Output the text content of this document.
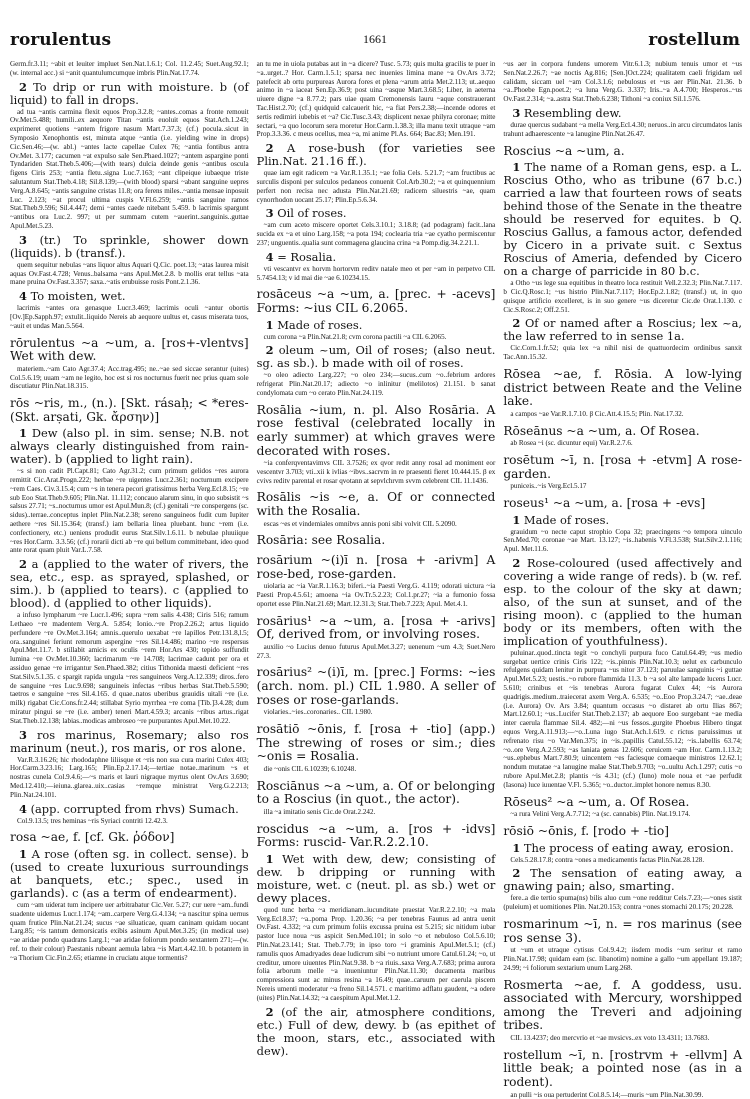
rorulentus	1661	rostellum

Germ.fr.3.11; ~abit et leuiter impluet Sen.Nat.1.6.1; Col. 11.2.45; Suet.Aug.92.1; (w. internal acc.) si ~anit quantulumcumque imbris Plin.Nat.17.74.

2 To drip or run with moisture. b (of liquid) to fall in drops.
ad tua ~antis carmina flexit equos Prop.3.2.8; ~antes..comas a fronte remouit Ov.Met.5.488; humili..ex aequore Titan ~antis euoluit equos Stat.Ach.1.243; exprimeret quotiens ~antem frigore nasum Mart.7.37.3; (cf.) pocula..sicut in Symposio Xenophontis est, minuta atque ~antia (i.e. yielding wine in drops) Cic.Sen.46;—(w. abl.) ~antes lacte capellae Culex 76; ~antia fontibus antra Ov.Met. 3.177; cacumen ~at expulso sale Sen.Phaed.1027; ~antem aspargine ponti Tyndariden Stat.Theb.5.406;—(with tears) dulcia deinde genis ~antibus oscula figens Ciris 253; ~antia fletu..signa Luc.7.163; ~ant clipeique iubaeque triste salutantum Stat.Theb.4.18; Sil.8.139;—(with blood) sparsi ~abant sanguine uepres Verg.A.8.645; ~antis sanguine cristas 11.8; ora ferens miles..~antia mensae inposuit Luc. 2.123; ~at procul ultima cuspis V.Fl.6.259; ~antis sanguine ramos Stat.Theb.9.596; Sil.4.447; demi ~antes caede nitebant 5.459. b lacrimis spargunt ~antibus ora Luc.2. 997; ut per summam cutem ~auerint..sanguinis..guttae Apul.Met.5.23.
3 (tr.) To sprinkle, shower down (liquids). b (transf.).
quem sequitur nebulas ~ans liquor altus Aquari Q.Cic. poet.13; ~atas laurea misit aquas Ov.Fast.4.728; Venus..balsama ~ans Apul.Met.2.8. b mollis erat tellus ~ata mane pruina Ov.Fast.3.357; saxa..~atis erubuisse rosis Pont.2.1.36.
4 To moisten, wet.
lacrimis ~antes ora genasque Lucr.3.469; lacrimis oculi ~antur obortis [Ov.]Ep.Sapph.97; extulit..liquido Nereis ab aequore uultus et, casus miserata tuos, ~auit et undas Man.5.564.
rōrulentus ~a ~um, a. [ros+-vlentvs] Wet with dew.
materiem..~am Cato Agr.37.4; Acc.trag.495; ne..~ae sed siccae serantur (uites) Col.5.6.19; uuam ~am ne legito, hoc est si ros nocturnus fuerit nec prius quam sole discutiatur Plin.Nat.18.315.
rōs ~ris, m., (n.). [Skt. rásaḥ; < *eres- (Skt. arṣati, Gk. ἄρσην)]
1 Dew (also pl. in sim. sense; N.B. not always clearly distinguished from rain-water). b (applied to light rain).
~s si non cadit Pl.Capt.81; Cato Agr.31.2; cum primum gelidos ~res aurora remittit Cic.Arat.Progn.222; herbae ~re uigentes Lucr.2.361; nocturnum excipere ~rem Caes. Civ.3.15.4; cum ~s in tenera pecori gratissimus herba Verg.Ecl.8.15; ~re sub Eoo Stat.Theb.9.605; Plin.Nat. 11.112; concauo alarum sinu, in quo subsistit ~s salsus 27.71; ~s..nocturnus umor est Apul.Mun.8; (cf.) genitali ~re conspergens (sc. sidus)..terrae..conceptus inplet Plin.Nat.2.38; sereno sanguineos fudit cum Iupiter aethere ~res Sil.15.364; (transf.) iam bellaria linea pluebant. hunc ~rem (i.e. confectionery, etc.) ueniens produdit eurus Stat.Silv.1.6.11. b nebulae pluuiique ~res Hor.Carm. 3.3.56; (cf.) rorarii dicti ab ~re qui bellum committebant, ideo quod ante rorat quam pluit Var.L.7.58.
2 a (applied to the water of rivers, the sea, etc., esp. as sprayed, splashed, or sim.). b (applied to tears). c (applied to blood). d (applied to other liquids).
a infuso lympharum ~re Lucr.1.496; supra ~rem salis 4.438; Ciris 516; ramum Lethaeo ~re madentem Verg.A. 5.854; Ionio..~re Prop.2.26.2; artus liquido perfundere ~re Ov.Met.3.164; amnis..querulo uexabat ~re lapillos Petr.131.8,l.5; ora..sanguinei feriunt remorum aspergine ~res Sil.14.486; marino ~re respersus Apul.Met.11.7. b stillabit amicis ex oculis ~rem Hor.Ars 430; tepido suffundit lumina ~re Ov.Met.10.360; lacrimarum ~re 14.708; lacrimae cadunt per ora et assiduo genae ~re irrigantur Sen.Phaed.382; citius Tithonida maesti deficient ~res Stat.Silv.5.1.35. c spargit rapida ungula ~res sanguineos Verg.A.12.339; diros..fero de sanguine ~res Luc.9.698; sanguineis infectas ~ribus herbas Stat.Theb.5.590; taetros e sanguine ~res Sil.4.165. d quae..natos uberibus grauidis uitali ~re (i.e. milk) rigabat Cic.Cons.fr.2.44; stillabat Syrio myrrhea ~re coma [Tib.]3.4.28; dum miratur pingui se ~re (i.e. amber) teneri Mart.4.59.3; arcanis ~ribus artus..rigat Stat.Theb.12.138; labias..modicas ambroseo ~re purpurantes Apul.Met.10.22.
3 ros marinus, Rosemary; also ros marinum (neut.), ros maris, or ros alone.
Var.R.3.16.26; hic rhododaphne liliisque et ~ris non sua cura marini Culex 403; Hor.Carm.3.23.16; Larg.165; Plin.Ep.2.17.14;—tertiae notae..marinum ~s et nostras cunela Col.9.4.6;—~s maris et lauri nigraque myrtus olent Ov.Ars 3.690; Med.12.410;—ieiuna..glarea..uix..casias ~remque ministrat Verg.G.2.213; Plin.Nat.24.101.
4 (app. corrupted from rhvs) Sumach.
Col.9.13.5; tres heminas ~ris Syriaci contriti 12.42.3.
rosa ~ae, f. [cf. Gk. ῥόδον]
1 A rose (often sg. in collect. sense). b (used to create luxurious surroundings at banquets, etc.; spec., used in garlands). c (as a term of endearment).
cum ~am uiderat tum incipere uer arbitrabatur Cic.Ver. 5.27; cur uere ~am..fundi suadente uidemus Lucr.1.174; ~am..carpere Verg.G.4.134; ~a nascitur spina uernus quam frutice Plin.Nat.21.24; sucus ~ae siluaticae, quam caninam quidam uocant Larg.85; ~is tantum demorsicatis exibis asinum Apul.Met.3.25; (in medical use) ~ae aridae pondo quadrans Larg.1; ~ae aridae foliorum pondo sextantem 271;—(w. ref. to their colour) Paestanis rubeant aemula labra ~is Mart.4.42.10. b potantem in ~a Thorium Cic.Fin.2.65; etiamne in cruciatu atque tormentis?

an tu me in uiola putabas aut in ~a dicere? Tusc. 5.73; quis multa gracilis te puer in ~a..urget..? Hor. Carm.1.5.1; sparsa nec inuenies limina mane ~a Ov.Ars 3.72; patefecit ab ortu purpureas Aurora fores et plena ~arum atria Met.2.113; ut..aequo animo in ~a iaceat Sen.Ep.36.9; post uina ~asque Mart.3.68.5; Liber, in aeterna uiuere digne ~a 8.77.2; pars uiae quam Cremonensis lauru ~aque constrauerant Tac.Hist.2.70; (cf.) quidquid calcauerit hic, ~a fiat Pers.2.38;—incende odores et sertis redimiri iubebis et ~a? Cic.Tusc.3.43; displicent nexae philyra coronae; mitte sectari, ~a quo locorum sera moretur Hor.Carm.1.38.3; illa manu texit utraque ~am Prop.3.3.36. c meus ocellus, mea ~a, mi anime Pl.As. 664; Bac.83; Men.191.

2 A rose-bush (for varieties see Plin.Nat. 21.16 ff.).
quae iam egit radicem ~a Var.R.1.35.1; ~ae folia Cels. 5.21.7; ~am fructibus ac surculis disponi per sulculos pedaneos conuenit Col.Arb.30.2; ~a et quinquennium perfert non recisa nec adusta Plin.Nat.21.69; radicem siluestris ~ae, quam cynorrhodon uocant 25.17; Plin.Ep.5.6.34.
3 Oil of roses.
~am cum aceto miscere oportet Cels.3.10.1; 3.18.8; (ad podagram) facit..lana sucida ex ~a et uino Larg.158; ~a pota 194; coclearia tria ~ae cyatho permiscentur 237; unguentis..qualia sunt commagena glaucina crina ~a Pomp.dig.34.2.21.1.
4 = Rosalia.
vti vescantvr ex horvm hortorvm reditv natale meo et per ~am in perpetvo CIL 5.7454.13; v id mai die ~ae 6.10234.15.
rosāceus ~a ~um, a. [prec. + -acevs] Forms: ~ius CIL 6.2065.
1 Made of roses.
cum corona ~a Plin.Nat.21.8; cvm corona pactili ~a CIL 6.2065.
2 oleum ~um, Oil of roses; (also neut. sg. as sb.). b made with oil of roses.
~o oleo adiecto Larg.227; ~o oleo 234;—sucus..cum ~o..febrium ardores refrigerat Plin.Nat.20.17; adiecto ~o inlinitur (melilotos) 21.151. b sanat condylomata cum ~o cerato Plin.Nat.24.119.
Rosālia ~ium, n. pl. Also Rosāria. A rose festival (celebrated locally in early summer) at which graves were decorated with roses.
~ia conferqventavimvs CIL 3.7526; ex qvor redit anny rosal ad moniment eor vescentvr 3.703; vti..xii k ivlias ~ibvs..sacrvm in re praesenti fieret 10.444.15. β ex cvivs reditv parental et rosar qvotann at sepvlchrvm svvm celebrent CIL 11.1436.
Rosālis ~is ~e, a. Of or connected with the Rosalia.
escas ~es et vindemiales omnibvs annis poni sibi volvit CIL 5.2090.
Rosāria: see Rosalia.
rosārium ~(i)ī n. [rosa + -arivm] A rose-bed, rose-garden.
uiolaria ac ~ia Var.R.1.16.3; biferi..~ia Paesti Verg.G. 4.119; odorati uictura ~ia Paesti Prop.4.5.61; amoena ~ia Ov.Tr.5.2.23; Col.1.pr.27; ~ia a fumonio fossa oportet esse Plin.Nat.21.69; Mart.12.31.3; Stat.Theb.7.223; Apul. Met.4.1.
rosārius¹ ~a ~um, a. [rosa + -arivs] Of, derived from, or involving roses.
auxilio ~o Lucius denuo futurus Apul.Met.3.27; uenenum ~um 4.3; Suet.Nero 27.3.
rosārius² ~(i)ī, m. [prec.] Forms: ~ies (arch. nom. pl.) CIL 1.980. A seller of roses or rose-garlands.
violaries..~ies..coronaries.. CIL 1.980.
rosātiō ~ōnis, f. [rosa + -tio] (app.) The strewing of roses or sim.; dies ~onis = Rosalia.
die ~onis CIL 6.10239; 6.10248.
Rosciānus ~a ~um, a. Of or belonging to a Roscius (in quot., the actor).
illa ~a imitatio senis Cic.de Orat.2.242.
roscidus ~a ~um, a. [ros + -idvs] Forms: ruscid- Var.R.2.2.10.
1 Wet with dew, dew; consisting of dew. b dripping or running with moisture, wet. c (neut. pl. as sb.) wet or dewy places.
quod tunc herba ~a meridianam..iucunditate praestat Var.R.2.2.10; ~a mala Verg.Ecl.8.37; ~a..poma Prop. 1.20.36; ~a per tenebras Faunus ad antra uenit Ov.Fast. 4.332; ~a cum primum foliis excussa pruina est 5.215; sic nitidum iubar pastor luce noua ~us aspicit Sen.Med.101; in solo ~o et nebuloso Col.5.6.10; Plin.Nat.23.141; Stat. Theb.7.79; in ipso toro ~i graminis Apul.Met.5.1; (cf.) ramulis quos Amadryades deae ludicrum sibi ~o nutriunt umore Catul.61.24; ~o, ut creditur, umore uiuentes Plin.Nat.9.38. b ~a riuis..saxa Verg.A.7.683; prima aurora folia arborum melle ~a inueniuntur Plin.Nat.11.30; ducamenta maribus compressiora sunt ac minus resina ~a 16.49; quae..caruum per caerula piscem Nereis umenti moderatur ~a freno Sil.14.571. c maritimo adflatu gaudent, ~a odere (uites) Plin.Nat.14.32; ~a caespitum Apul.Met.1.2.
2 (of the air, atmosphere conditions, etc.) Full of dew, dewy. b (as epithet of the moon, stars, etc., associated with dew).

~us aer in corpora fundens umorem Vitr.6.1.3; nubium tenuis umor et ~us Sen.Nat.2.26.7; ~ae noctis Ag.816; [Sen.]Oct.224; qualitatem caeli frigidam uel calidam, siccam uel ~am Col.3.1.6; nebulosus et ~us aer Plin.Nat. 21.36. b ~a..Phoebe Egn.poet.2; ~a luna Verg.G. 3.337; Iris..~a A.4.700; Hesperos..~us Ov.Fast.2.314; ~a..astra Stat.Theb.6.238; Tithoni ~a coniux Sil.1.576.

3 Resembling dew.
durae quercus sudabant ~a mella Verg.Ecl.4.30; neruos..in arcu circumdatos lanis trahunt adhaerescente ~a lanugine Plin.Nat.26.47.
Roscius ~a ~um, a.
1 The name of a Roman gens, esp. a L. Roscius Otho, who as tribune (67 b.c.) carried a law that fourteen rows of seats behind those of the Senate in the theatre should be reserved for equites. b Q. Roscius Gallus, a famous actor, defended by Cicero in a private suit. c Sextus Roscius of Ameria, defended by Cicero on a charge of parricide in 80 b.c.
a Otho ~us lege sua equitibus in theatro loca restituit Vell.2.32.3; Plin.Nat.7.117. b Cic.Q.Rosc.1; ~us histrio Plin.Nat.7.117; Hor.Ep.2.1.82; (transf.) ut, in quo quisque artificio excelleret, is in suo genere ~us diceretur Cic.de Orat.1.130. c Cic.S.Rosc.2; Off.2.51.
2 Of or named after a Roscius; lex ~a, the law referred to in sense 1a.
Cic.Corn.1.fr.52; quia lex ~a nihil nisi de quattuordecim ordinibus sanxit Tac.Ann.15.32.
Rōsea ~ae, f. Rōsia. A low-lying district between Reate and the Veline lake.
a campos ~ae Var.R.1.7.10. β Cic.Att.4.15.5; Plin. Nat.17.32.
Rōseānus ~a ~um, a. Of Rosea.
ab Rosea ~i (sc. dicuntur equi) Var.R.2.7.6.
rosētum ~ī, n. [rosa + -etvm] A rose-garden.
puniceis..~is Verg.Ecl.5.17
roseus¹ ~a ~um, a. [rosa + -evs]
1 Made of roses.
grauidum ~o necte caput strophio Copa 32; praecingens ~o tempora uinculo Sen.Med.70; coronae ~ae Mart. 13.127; ~is..habenis V.Fl.3.538; Stat.Silv.2.1.116; Apul. Met.11.6.
2 Rose-coloured (used affectively and covering a wide range of reds). b (w. ref. esp. to the colour of the sky at dawn; also, of the sun at sunset, and of the rising moon). c (applied to the human body or its members, often with the implication of youthfulness).
puluinar..quod..tincta tegit ~o conchyli purpura fuco Catul.64.49; ~us medio surgebat uertice crinis Ciris 122; ~is..pinnis Plin.Nat.10.3; uelut ex carbunculo refulgens quidam lenitur in purpura ~us nitor 37.123; paruulae sanguinis ~i guttae Apul.Met.5.23; uestis..~o rubore flammida 11.3. b ~a sol alte lampade lucens Lucr. 5.610; crinibus et ~is tenebras Aurora fugarat Culex 44; ~is Aurora quadrigis..medium..traiecerat axem Verg.A. 6.535; ~o..Eoo Prop.3.24.7; ~ae..deae (i.e. Aurora) Ov. Ars 3.84; quantum occasus ~o distaret ab ortu Ilias 867; Mart.12.60.1; ~us..Lucifer Stat.Theb.2.137; ab aequore Eoo surgebant ~ae media inter caerula flammae Sil.4. 482;—ni ~us fessos..gurgite Phoebus Hibero tingat equos Verg.A.11.913;—~o..Luna iugo Stat.Ach.1.619. c rictus paruissimus ut refrenato risu ~o Var.Men.375; in ~is..papillis Catul.55.12; ~is..labellis 63.74; ~o..ore Verg.A.2.593; ~as laniata genas 12.606; ceruicem ~am Hor. Carm.1.13.2; ~us..ephebus Mart.7.80.9; uincentem ~es faciesque comaeque ministros 12.62.1; nondum mutatae ~a lanugine malae Stat.Theb.9.703; ~o..uultu Ach.1.297; cutis ~o rubore Apul.Met.2.8; plantis ~is 4.31; (cf.) (Iuno) mole noua et ~ae perfudit (Iasona) luce iuuentae V.Fl. 5.365; ~o..ductor..implet honore nemus 8.30.
Rōseus² ~a ~um, a. Of Rosea.
~a rura Velini Verg.A.7.712; ~a (sc. cannabis) Plin. Nat.19.174.
rōsiō ~ōnis, f. [rodo + -tio]
1 The process of eating away, erosion.
Cels.5.28.17.8; contra ~ones a medicamentis factas Plin.Nat.28.128.
2 The sensation of eating away, a gnawing pain; also, smarting.
fere..a die tertio spuma(ns) bilis aluo cum ~one redditur Cels.7.23;—~ones sistit (puleium) et uomitiones Plin. Nat.20.153; contra ~ones stomachi 20.175; 20.228.
rosmarinum ~ī, n. = ros marinus (see ros sense 3).
ut ~um et utraque cytisus Col.9.4.2; iisdem modis ~um seritur et ramo Plin.Nat.17.98; quidam eam (sc. libanotim) nomine a gallo ~um appellant 19.187; 24.99; ~i foliorum sextarium unum Larg.268.
Rosmerta ~ae, f. A goddess, usu. associated with Mercury, worshipped among the Treveri and adjoining tribes.
CIL 13.4237; deo mercvrio et ~ae mvsicvs..ex voto 13.4311; 13.7683.
rostellum ~ī, n. [rostrvm + -ellvm] A little beak; a pointed nose (as in a rodent).
an pulli ~is oua pertuderint Col.8.5.14;—muris ~um Plin.Nat.30.99.
